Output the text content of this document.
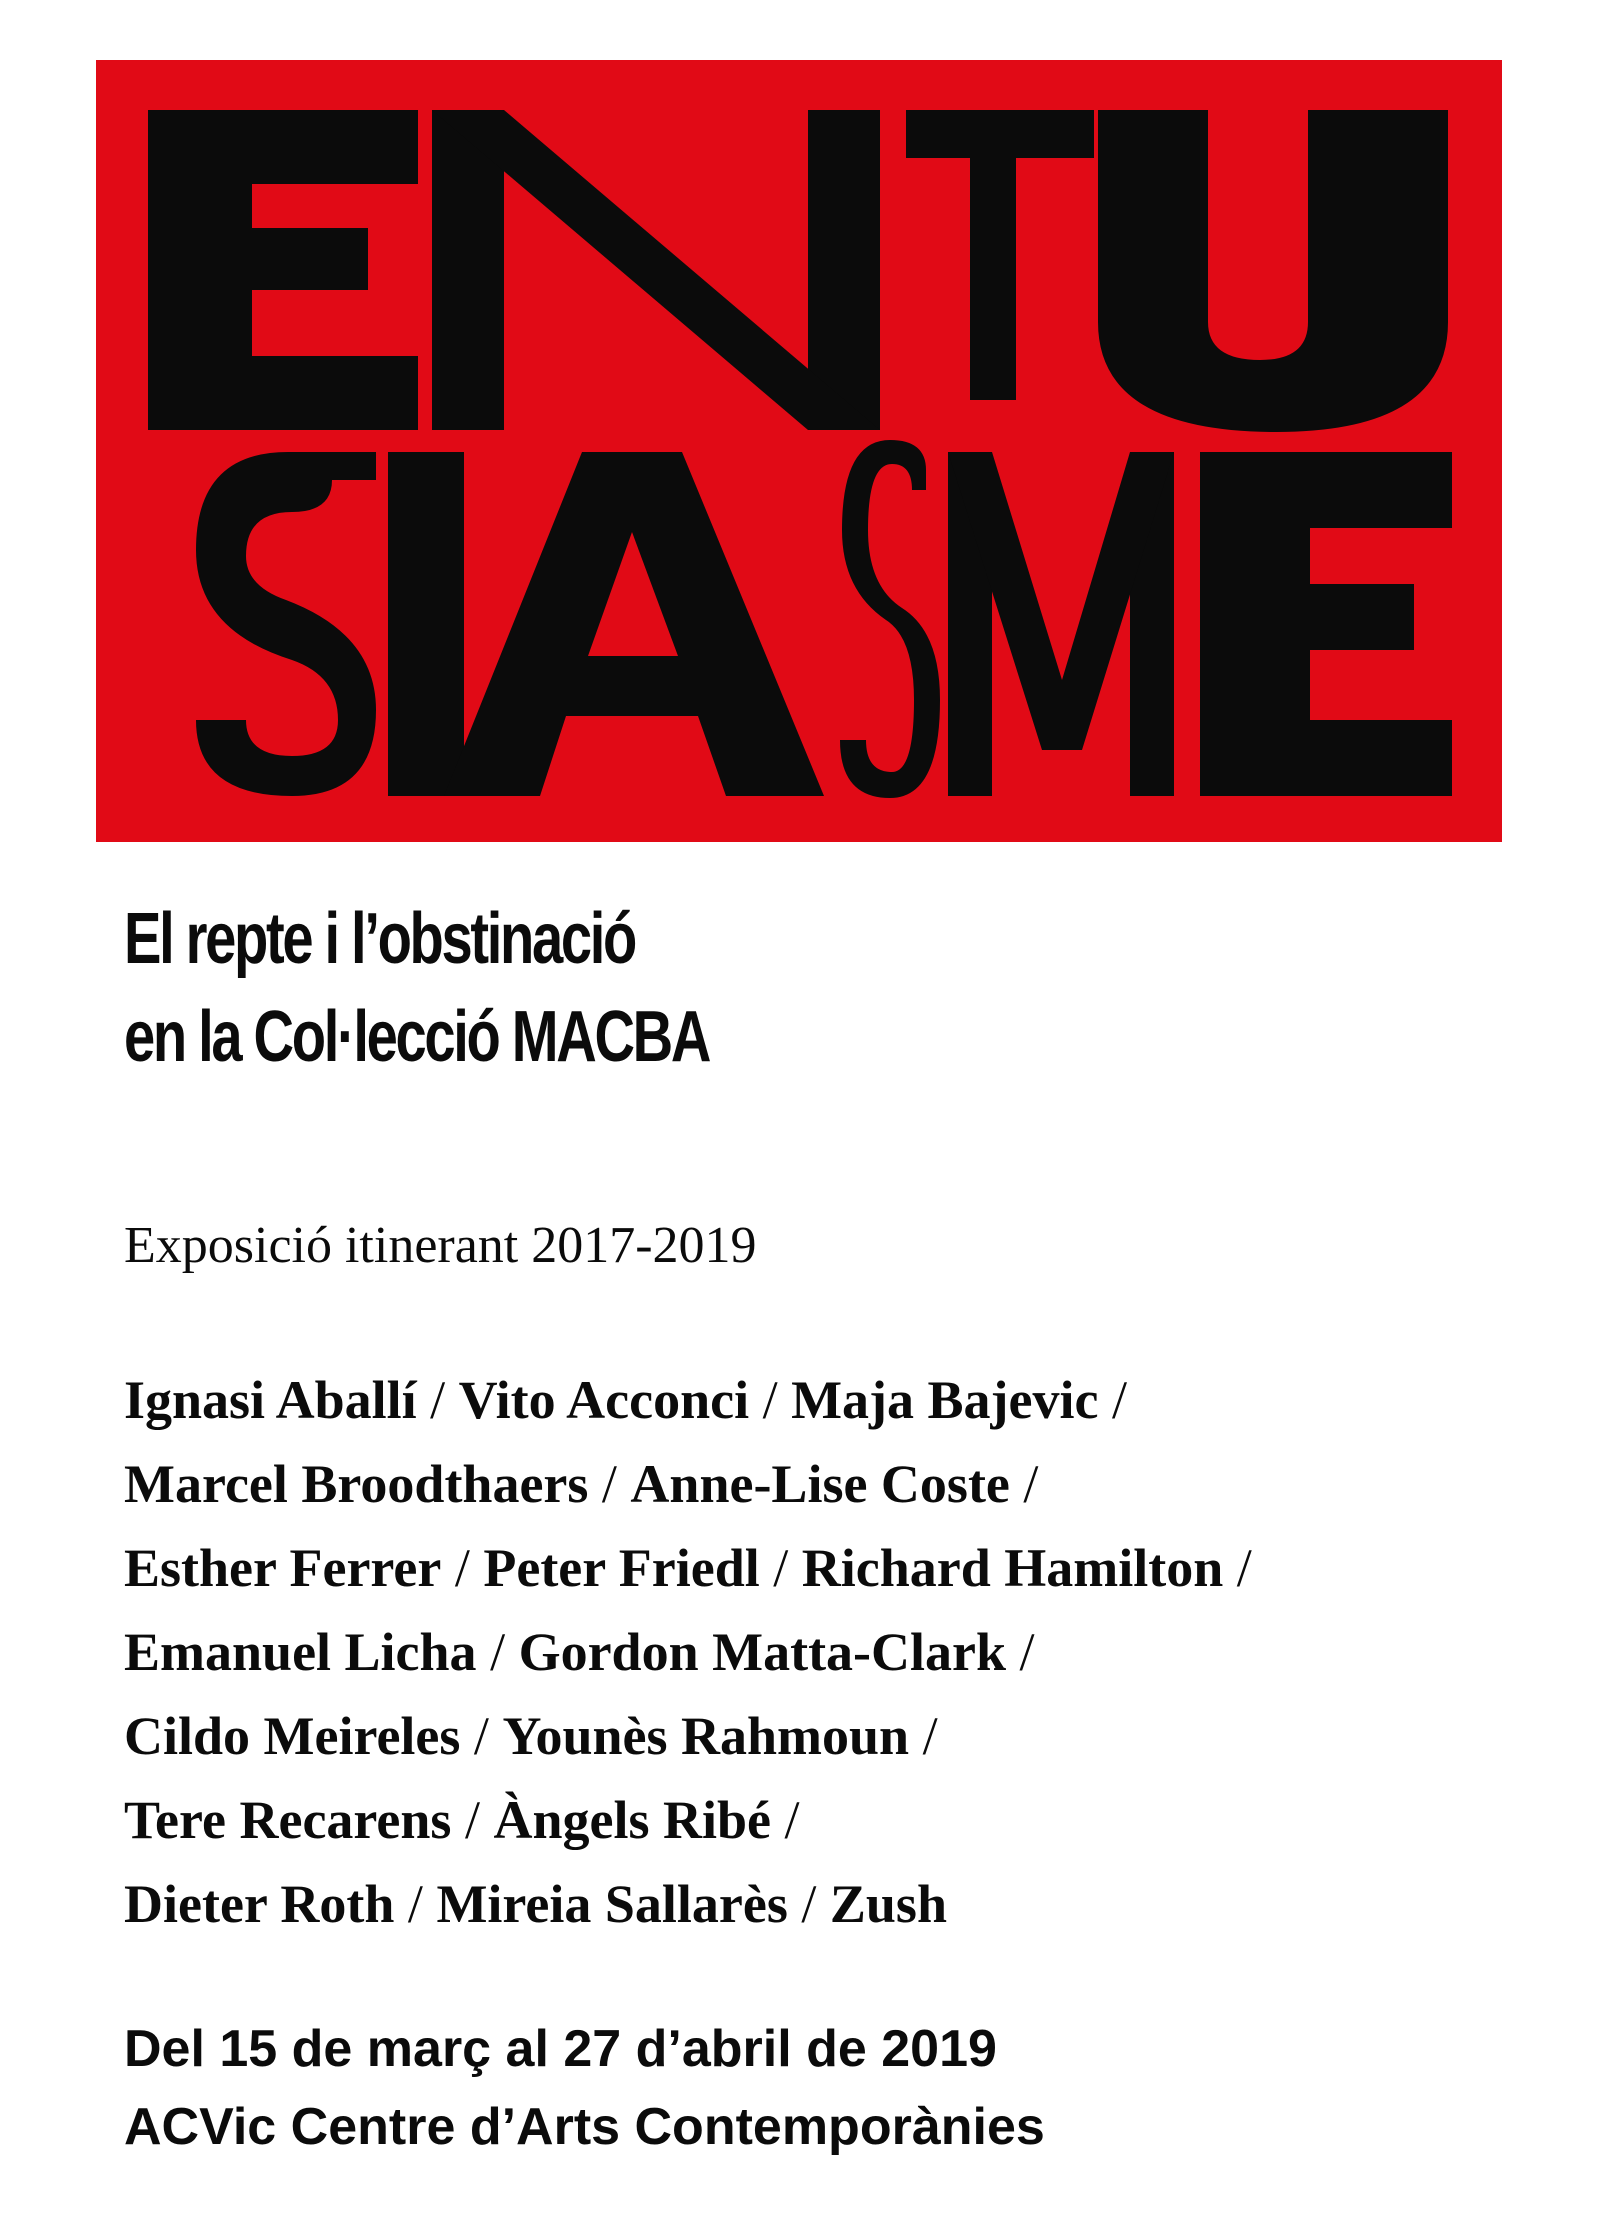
El repte i l’obstinació
en la Col·lecció MACBA
Exposició itinerant 2017-2019
Ignasi Aballí / Vito Acconci / Maja Bajevic /
Marcel Broodthaers / Anne-Lise Coste /
Esther Ferrer / Peter Friedl / Richard Hamilton /
Emanuel Licha / Gordon Matta-Clark /
Cildo Meireles / Younès Rahmoun /
Tere Recarens / Àngels Ribé /
Dieter Roth / Mireia Sallarès / Zush
Del 15 de març al 27 d’abril de 2019
ACVic Centre d’Arts Contemporànies
